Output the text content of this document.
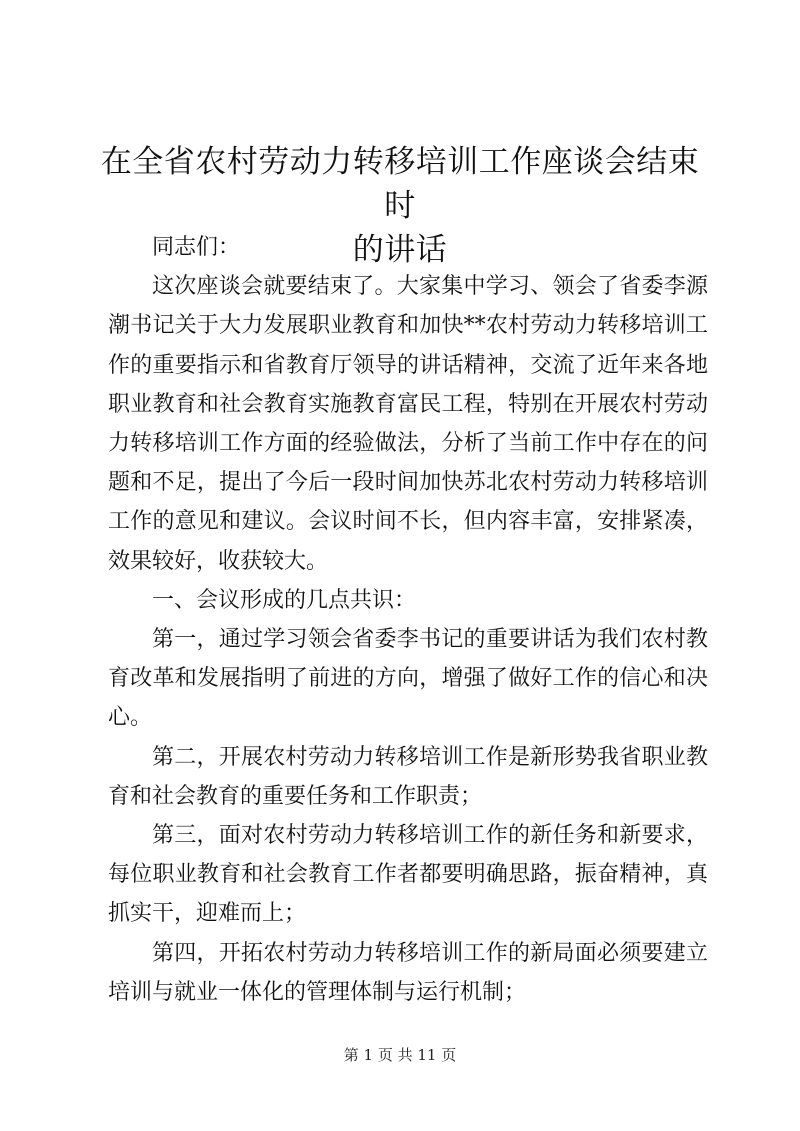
在全省农村劳动力转移培训工作座谈会结束时
的讲话

同志们：

这次座谈会就要结束了。大家集中学习、领会了省委李源潮书记关于大力发展职业教育和加快**农村劳动力转移培训工作的重要指示和省教育厅领导的讲话精神，交流了近年来各地职业教育和社会教育实施教育富民工程，特别在开展农村劳动力转移培训工作方面的经验做法，分析了当前工作中存在的问题和不足，提出了今后一段时间加快苏北农村劳动力转移培训工作的意见和建议。会议时间不长，但内容丰富，安排紧凑，效果较好，收获较大。

一、会议形成的几点共识：

第一，通过学习领会省委李书记的重要讲话为我们农村教育改革和发展指明了前进的方向，增强了做好工作的信心和决心。

第二，开展农村劳动力转移培训工作是新形势我省职业教育和社会教育的重要任务和工作职责；

第三，面对农村劳动力转移培训工作的新任务和新要求，每位职业教育和社会教育工作者都要明确思路，振奋精神，真抓实干，迎难而上；

第四，开拓农村劳动力转移培训工作的新局面必须要建立培训与就业一体化的管理体制与运行机制；

第 1 页 共 11 页
